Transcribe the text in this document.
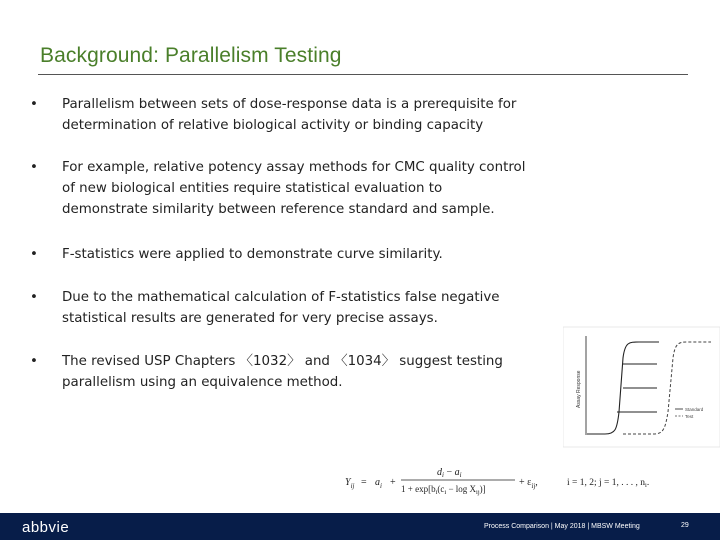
Background: Parallelism Testing
•	Parallelism between sets of dose-response data is a prerequisite for
determination of relative biological activity or binding capacity
•	For example, relative potency assay methods for CMC quality control
of new biological entities require statistical evaluation to
demonstrate similarity between reference standard and sample.
•	F-statistics were applied to demonstrate curve similarity.
•	Due to the mathematical calculation of F-statistics false negative
statistical results are generated for very precise assays.
•	The revised USP Chapters 〈1032〉 and 〈1034〉 suggest testing
parallelism using an equivalence method.	Assay Response
Standard
Test
$Y_{ij} = a_i$ +
$d_i - a_i$
$1 + \exp[b_i(c_i - \log X_{ij})]$
+ $\varepsilon_{ij}$,	i = 1, 2; j = 1, . . . , $n_i$.
abbvie	Process Comparison | May 2018 | MBSW Meeting	29
